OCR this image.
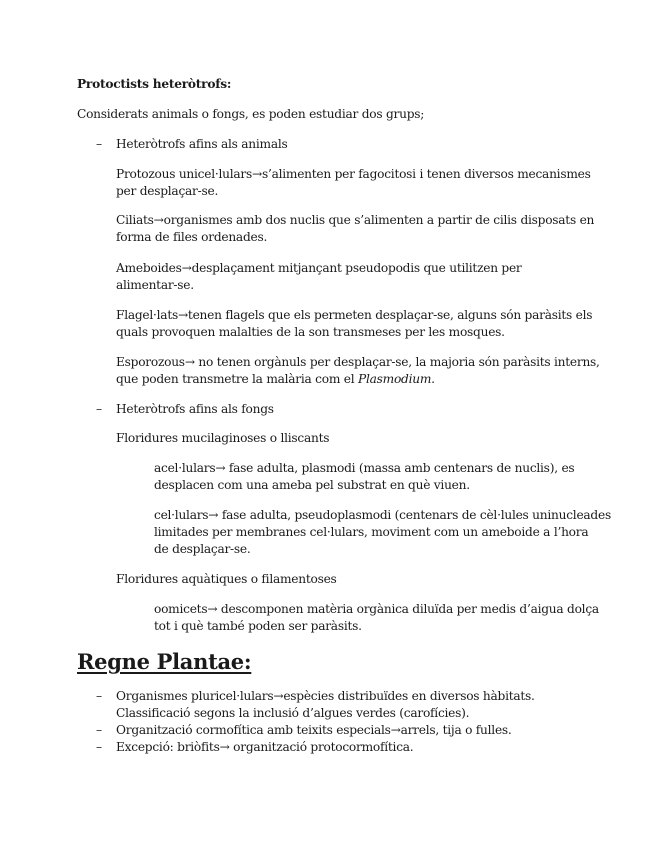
Protoctists heteròtrofs:
Considerats animals o fongs, es poden estudiar dos grups;
– Heteròtrofs afins als animals
Protozous unicel·lulars→s’alimenten per fagocitosi i tenen diversos mecanismes
per desplaçar-se.
Ciliats→organismes amb dos nuclis que s’alimenten a partir de cilis disposats en
forma de files ordenades.
Ameboides→desplaçament mitjançant pseudopodis que utilitzen per
alimentar-se.
Flagel·lats→tenen flagels que els permeten desplaçar-se, alguns són paràsits els
quals provoquen malalties de la son transmeses per les mosques.
Esporozous→ no tenen orgànuls per desplaçar-se, la majoria són paràsits interns,
que poden transmetre la malària com el Plasmodium.
– Heteròtrofs afins als fongs
Floridures mucilaginoses o lliscants
acel·lulars→ fase adulta, plasmodi (massa amb centenars de nuclis), es
desplacen com una ameba pel substrat en què viuen.
cel·lulars→ fase adulta, pseudoplasmodi (centenars de cèl·lules uninucleades
limitades per membranes cel·lulars, moviment com un ameboide a l’hora
de desplaçar-se.
Floridures aquàtiques o filamentoses
oomicets→ descomponen matèria orgànica diluïda per medis d’aigua dolça
tot i què també poden ser paràsits.
Regne Plantae:
– Organismes pluricel·lulars→espècies distribuïdes en diversos hàbitats.
Classificació segons la inclusió d’algues verdes (carofícies).
– Organització cormofítica amb teixits especials→arrels, tija o fulles.
– Excepció: briòfits→ organització protocormofítica.
